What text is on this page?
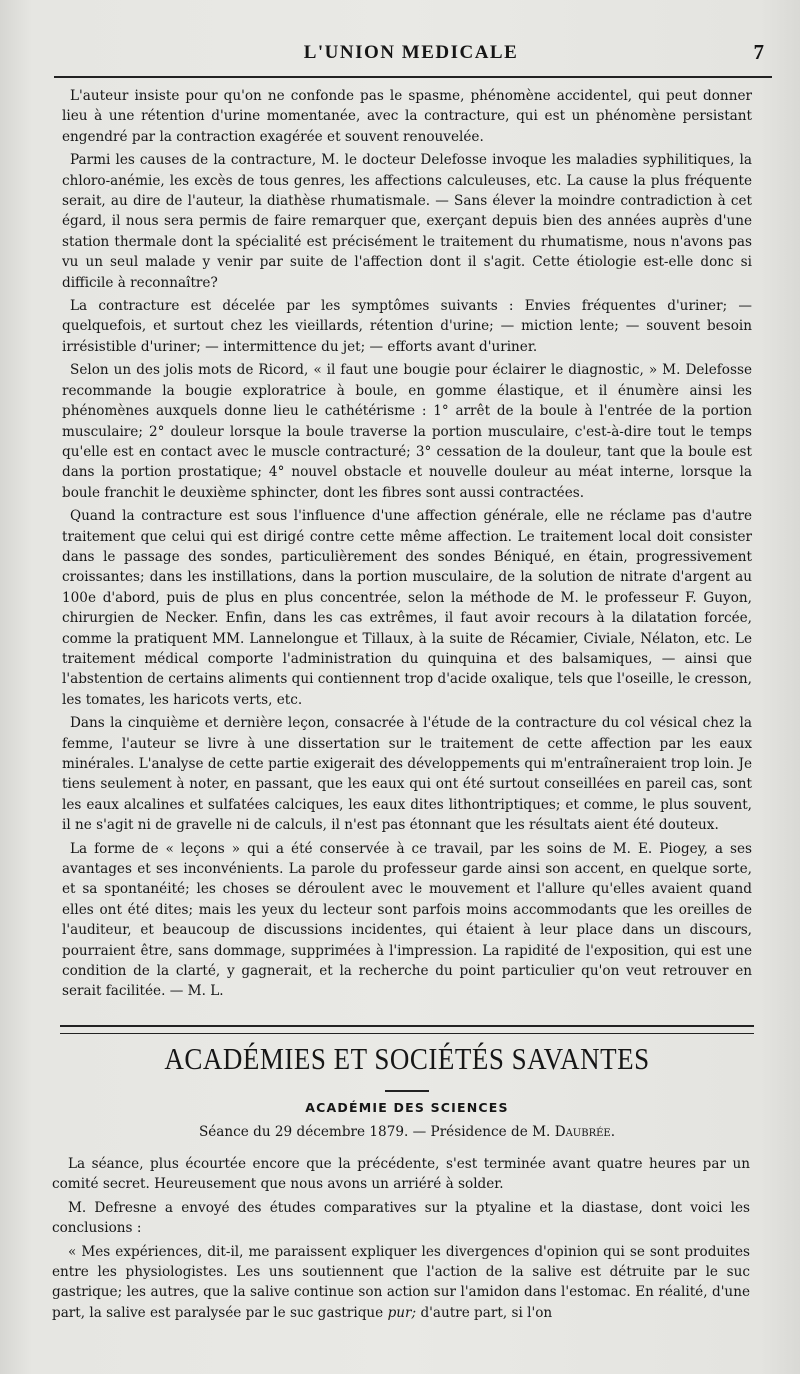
L'UNION MEDICALE	7

L'auteur insiste pour qu'on ne confonde pas le spasme, phénomène accidentel, qui peut donner lieu à une rétention d'urine momentanée, avec la contracture, qui est un phénomène persistant engendré par la contraction exagérée et souvent renouvelée.

Parmi les causes de la contracture, M. le docteur Delefosse invoque les maladies syphilitiques, la chloro-anémie, les excès de tous genres, les affections calculeuses, etc. La cause la plus fréquente serait, au dire de l'auteur, la diathèse rhumatismale. — Sans élever la moindre contradiction à cet égard, il nous sera permis de faire remarquer que, exerçant depuis bien des années auprès d'une station thermale dont la spécialité est précisément le traitement du rhumatisme, nous n'avons pas vu un seul malade y venir par suite de l'affection dont il s'agit. Cette étiologie est-elle donc si difficile à reconnaître?

La contracture est décelée par les symptômes suivants : Envies fréquentes d'uriner; — quelquefois, et surtout chez les vieillards, rétention d'urine; — miction lente; — souvent besoin irrésistible d'uriner; — intermittence du jet; — efforts avant d'uriner.

Selon un des jolis mots de Ricord, « il faut une bougie pour éclairer le diagnostic, » M. Delefosse recommande la bougie exploratrice à boule, en gomme élastique, et il énumère ainsi les phénomènes auxquels donne lieu le cathétérisme : 1° arrêt de la boule à l'entrée de la portion musculaire; 2° douleur lorsque la boule traverse la portion musculaire, c'est-à-dire tout le temps qu'elle est en contact avec le muscle contracturé; 3° cessation de la douleur, tant que la boule est dans la portion prostatique; 4° nouvel obstacle et nouvelle douleur au méat interne, lorsque la boule franchit le deuxième sphincter, dont les fibres sont aussi contractées.

Quand la contracture est sous l'influence d'une affection générale, elle ne réclame pas d'autre traitement que celui qui est dirigé contre cette même affection. Le traitement local doit consister dans le passage des sondes, particulièrement des sondes Béniqué, en étain, progressivement croissantes; dans les instillations, dans la portion musculaire, de la solution de nitrate d'argent au 100e d'abord, puis de plus en plus concentrée, selon la méthode de M. le professeur F. Guyon, chirurgien de Necker. Enfin, dans les cas extrêmes, il faut avoir recours à la dilatation forcée, comme la pratiquent MM. Lannelongue et Tillaux, à la suite de Récamier, Civiale, Nélaton, etc. Le traitement médical comporte l'administration du quinquina et des balsamiques, — ainsi que l'abstention de certains aliments qui contiennent trop d'acide oxalique, tels que l'oseille, le cresson, les tomates, les haricots verts, etc.

Dans la cinquième et dernière leçon, consacrée à l'étude de la contracture du col vésical chez la femme, l'auteur se livre à une dissertation sur le traitement de cette affection par les eaux minérales. L'analyse de cette partie exigerait des développements qui m'entraîneraient trop loin. Je tiens seulement à noter, en passant, que les eaux qui ont été surtout conseillées en pareil cas, sont les eaux alcalines et sulfatées calciques, les eaux dites lithontriptiques; et comme, le plus souvent, il ne s'agit ni de gravelle ni de calculs, il n'est pas étonnant que les résultats aient été douteux.

La forme de « leçons » qui a été conservée à ce travail, par les soins de M. E. Piogey, a ses avantages et ses inconvénients. La parole du professeur garde ainsi son accent, en quelque sorte, et sa spontanéité; les choses se déroulent avec le mouvement et l'allure qu'elles avaient quand elles ont été dites; mais les yeux du lecteur sont parfois moins accommodants que les oreilles de l'auditeur, et beaucoup de discussions incidentes, qui étaient à leur place dans un discours, pourraient être, sans dommage, supprimées à l'impression. La rapidité de l'exposition, qui est une condition de la clarté, y gagnerait, et la recherche du point particulier qu'on veut retrouver en serait facilitée. — M. L.

ACADÉMIES ET SOCIÉTÉS SAVANTES
ACADÉMIE DES SCIENCES
Séance du 29 décembre 1879. — Présidence de M. Daubrée.

La séance, plus écourtée encore que la précédente, s'est terminée avant quatre heures par un comité secret. Heureusement que nous avons un arriéré à solder.

M. Defresne a envoyé des études comparatives sur la ptyaline et la diastase, dont voici les conclusions :

« Mes expériences, dit-il, me paraissent expliquer les divergences d'opinion qui se sont produites entre les physiologistes. Les uns soutiennent que l'action de la salive est détruite par le suc gastrique; les autres, que la salive continue son action sur l'amidon dans l'estomac. En réalité, d'une part, la salive est paralysée par le suc gastrique pur; d'autre part, si l'on
